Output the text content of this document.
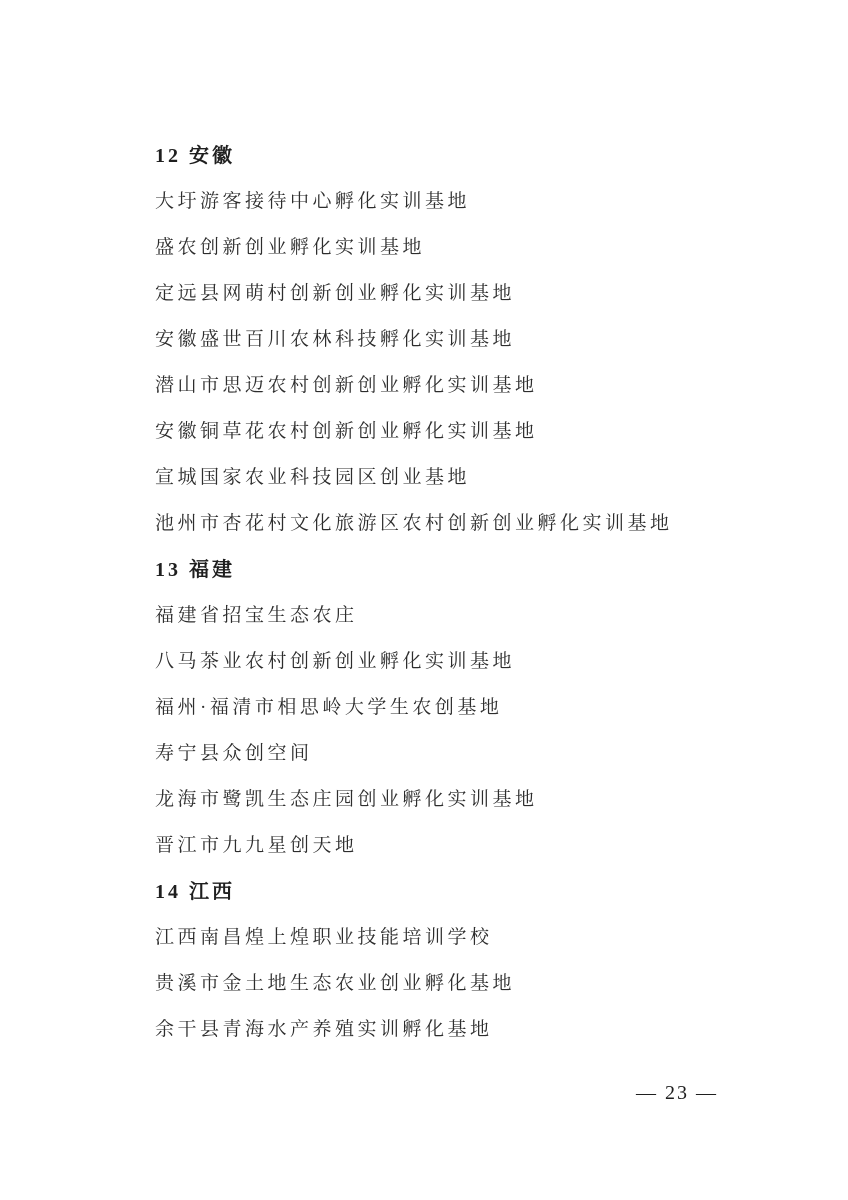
12 安徽
大圩游客接待中心孵化实训基地
盛农创新创业孵化实训基地
定远县网萌村创新创业孵化实训基地
安徽盛世百川农林科技孵化实训基地
潜山市思迈农村创新创业孵化实训基地
安徽铜草花农村创新创业孵化实训基地
宣城国家农业科技园区创业基地
池州市杏花村文化旅游区农村创新创业孵化实训基地
13 福建
福建省招宝生态农庄
八马茶业农村创新创业孵化实训基地
福州·福清市相思岭大学生农创基地
寿宁县众创空间
龙海市鹭凯生态庄园创业孵化实训基地
晋江市九九星创天地
14 江西
江西南昌煌上煌职业技能培训学校
贵溪市金土地生态农业创业孵化基地
余干县青海水产养殖实训孵化基地
— 23 —
